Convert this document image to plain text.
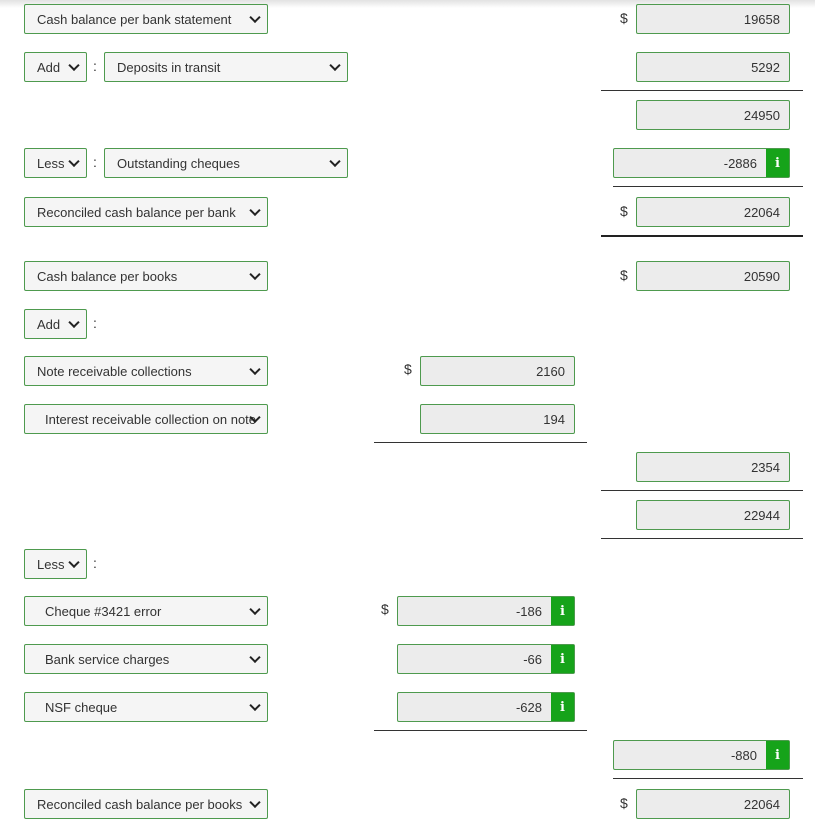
Cash balance per bank statement	$	19658
Add : Deposits in transit	5292
24950
Less : Outstanding cheques	-2886	i
Reconciled cash balance per bank	$	22064
Cash balance per books	$	20590
Add :
Note receivable collections	$	2160
Interest receivable collection on note	194
2354
22944
Less :
Cheque #3421 error	$	-186	i
Bank service charges	-66	i
NSF cheque	-628	i
-880	i
Reconciled cash balance per books	$	22064
